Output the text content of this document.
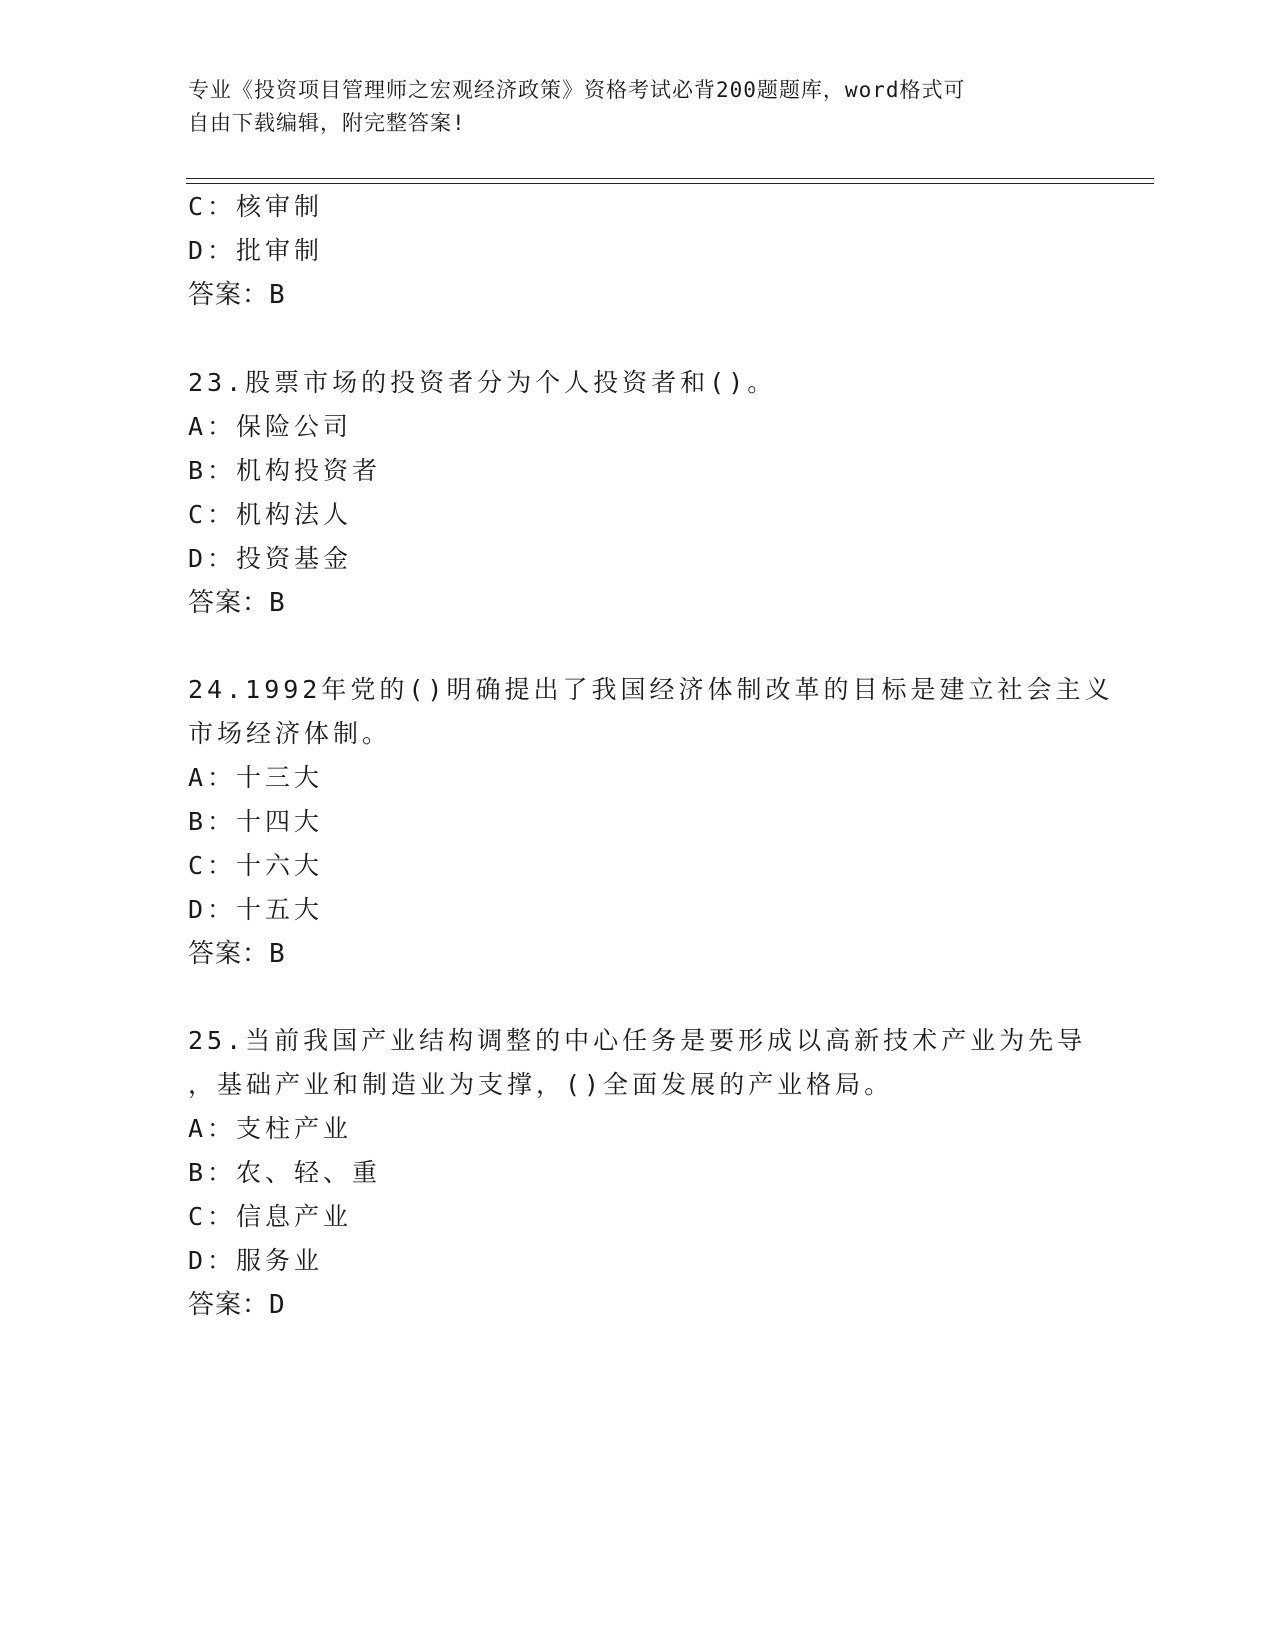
专业《投资项目管理师之宏观经济政策》资格考试必背200题题库，word格式可
自由下载编辑，附完整答案!
C：核审制
D：批审制
答案：B
23.股票市场的投资者分为个人投资者和()。
A：保险公司
B：机构投资者
C：机构法人
D：投资基金
答案：B
24.1992年党的()明确提出了我国经济体制改革的目标是建立社会主义
市场经济体制。
A：十三大
B：十四大
C：十六大
D：十五大
答案：B
25.当前我国产业结构调整的中心任务是要形成以高新技术产业为先导
，基础产业和制造业为支撑，()全面发展的产业格局。
A：支柱产业
B：农、轻、重
C：信息产业
D：服务业
答案：D
